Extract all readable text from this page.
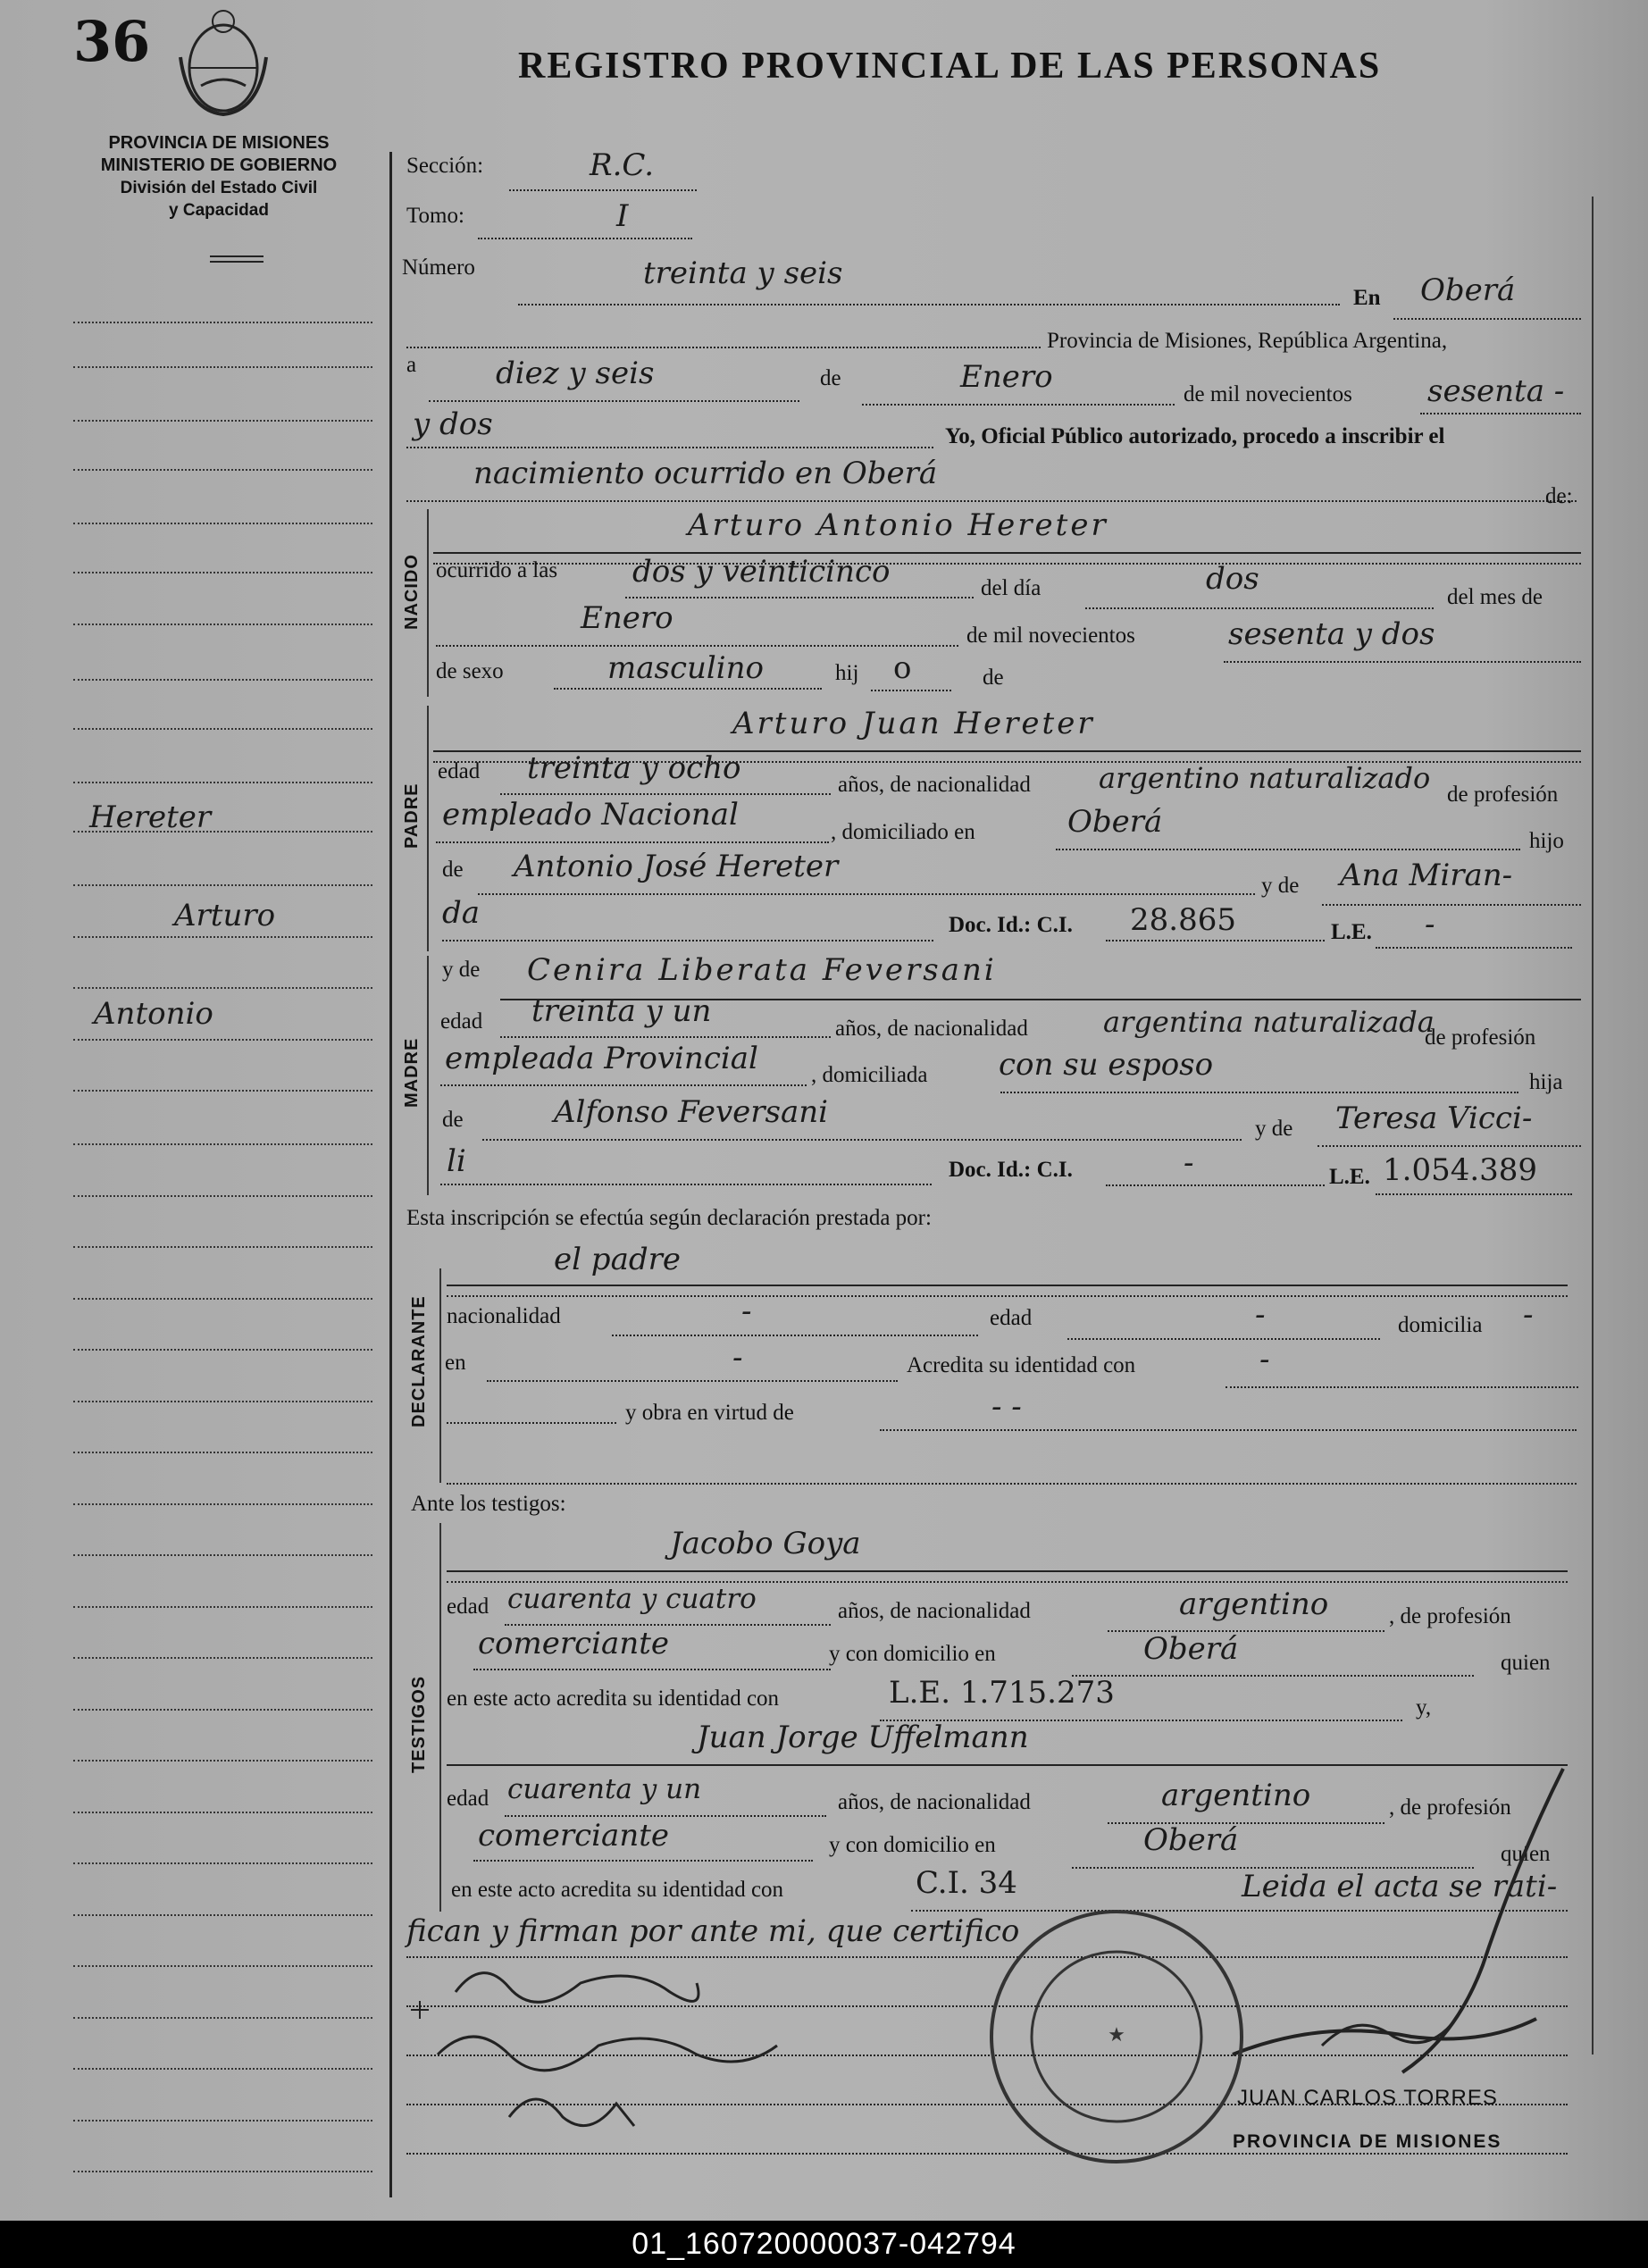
36	REGISTRO PROVINCIAL DE LAS PERSONAS
PROVINCIA DE MISIONES
MINISTERIO DE GOBIERNO
División del Estado Civil
y Capacidad
Hereter
Arturo
Antonio
NACIDO
PADRE
MADRE
DECLARANTE
TESTIGOS
Sección:	R.C.
Tomo:	I
Número	treinta y seis
En Oberá
Provincia de Misiones, República Argentina,
a	diez y seis	de	Enero	de mil novecientos sesenta -
y dos	Yo, Oficial Público autorizado, procedo a inscribir el
nacimiento ocurrido en Oberá
de:
Arturo Antonio Hereter
ocurrido a las dos y veinticinco	del día	dos
del mes de
Enero	de mil novecientos	sesenta y dos
de sexo	masculino	hij o	de
Arturo Juan Hereter
edad treinta y ocho	años, de nacionalidad argentino naturalizado de profesión
empleado Nacional	, domiciliado en	Oberá
hijo
de Antonio José Hereter
y de Ana Miran-
da	Doc. Id.: C.I. 28.865	L.E. -
y de Cenira Liberata Feversani
edad treinta y un	años, de nacionalidad	argentina naturalizada
de profesión
empleada Provincial , domiciliada con su esposo	hija
de	Alfonso Feversani	y de Teresa Vicci-
li	Doc. Id.: C.I.	-	L.E. 1.054.389
Esta inscripción se efectúa según declaración prestada por:
el padre
nacionalidad	-	edad	-	domicilia -
en	-	Acredita su identidad con	-
y obra en virtud de	- -
Ante los testigos:
Jacobo Goya
edad cuarenta y cuatro	años, de nacionalidad	argentino	, de profesión
comerciante	y con domicilio en	Oberá	quien
en este acto acredita su identidad con	L.E. 1.715.273	y,
Juan Jorge Uffelmann
edad cuarenta y un	años, de nacionalidad	argentino	, de profesión
comerciante	y con domicilio en	Oberá	quien
en este acto acredita su identidad con	C.I. 34	Leida el acta se rati-
fican y firman por ante mi, que certifico
★
JUAN CARLOS TORRES
PROVINCIA DE MISIONES
01_160720000037-042794
